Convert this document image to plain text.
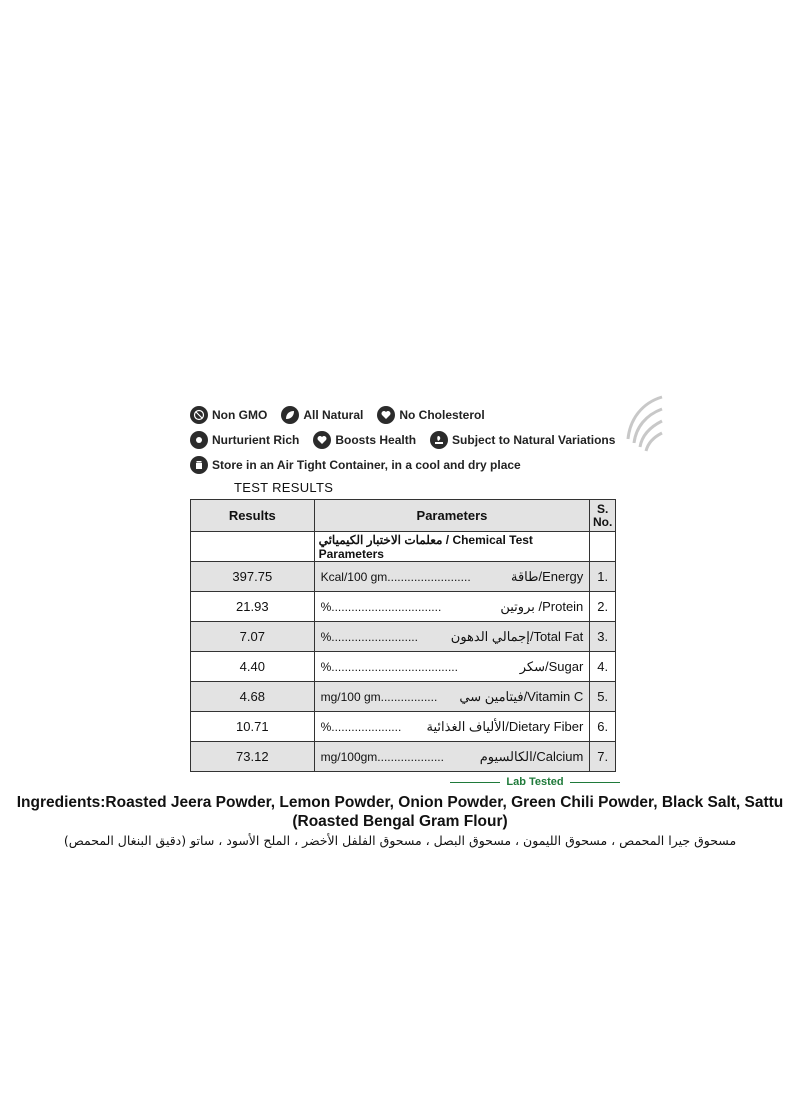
Non GMO	All Natural	No Cholesterol
Nurturient Rich	Boosts Health	Subject to Natural Variations
Store in an Air Tight Container, in a cool and dry place
TEST RESULTS
Results	Parameters	S.
No.
	معلمات الاختبار الكيميائي / Chemical Test Parameters	
397.75	Kcal/100 gm......................... طاقة/Energy	1.
21.93	%................................. بروتين /Protein	2.
7.07	%.......................... إجمالي الدهون/Total Fat	3.
4.40	%...................................... سكر/Sugar	4.
4.68	mg/100 gm................. فيتامين سي/Vitamin C	5.
10.71	%..................... الألياف الغذائية/Dietary Fiber	6.
73.12	mg/100gm.................... الكالسيوم/Calcium	7.
Lab Tested
Ingredients:Roasted Jeera Powder, Lemon Powder, Onion Powder, Green Chili Powder, Black Salt, Sattu (Roasted Bengal Gram Flour)
مسحوق جيرا المحمص ، مسحوق الليمون ، مسحوق البصل ، مسحوق الفلفل الأخضر ، الملح الأسود ، ساتو (دقيق البنغال المحمص)
